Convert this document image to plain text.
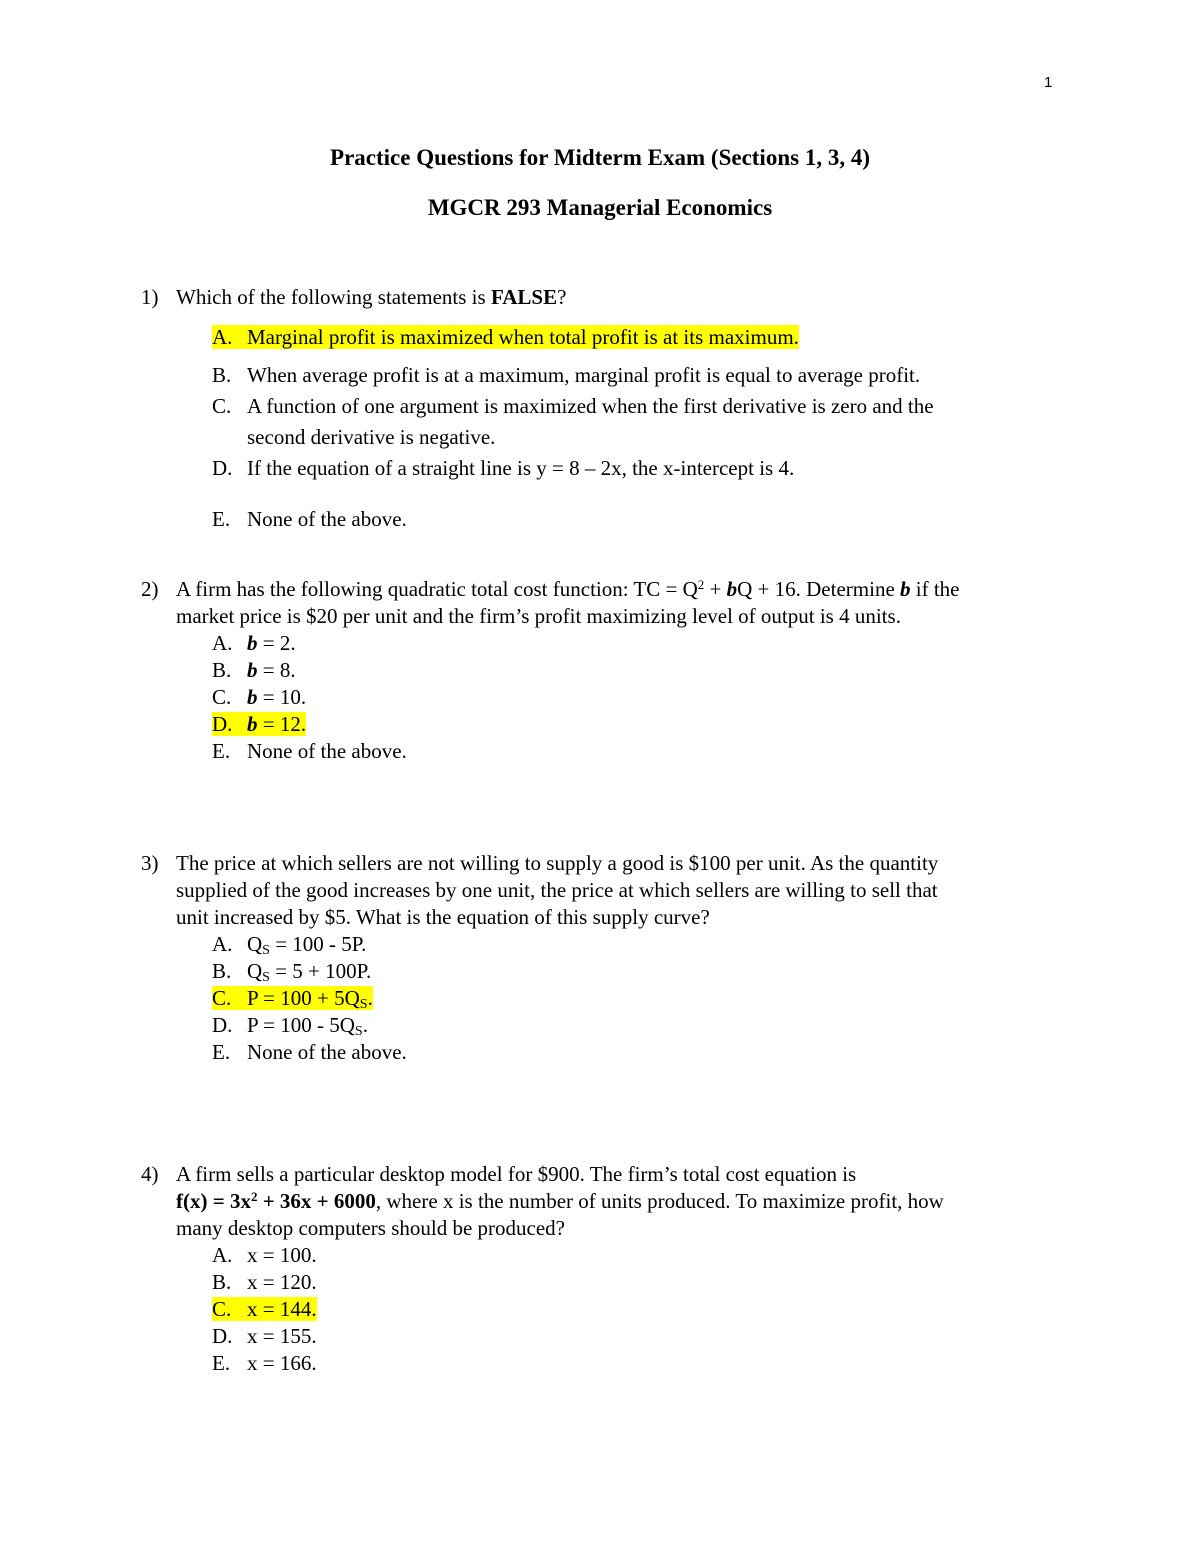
1
Practice Questions for Midterm Exam (Sections 1, 3, 4)
MGCR 293 Managerial Economics
1) Which of the following statements is FALSE?
A. Marginal profit is maximized when total profit is at its maximum.
B. When average profit is at a maximum, marginal profit is equal to average profit.
C. A function of one argument is maximized when the first derivative is zero and the
second derivative is negative.
D. If the equation of a straight line is y = 8 – 2x, the x-intercept is 4.
E. None of the above.
2) A firm has the following quadratic total cost function: TC = $Q^2$ + bQ + 16. Determine b if the
market price is $20 per unit and the firm’s profit maximizing level of output is 4 units.
A. b = 2.
B. b = 8.
C. b = 10.
D. b = 12.
E. None of the above.
3) The price at which sellers are not willing to supply a good is $100 per unit. As the quantity
supplied of the good increases by one unit, the price at which sellers are willing to sell that
unit increased by $5. What is the equation of this supply curve?
A. $Q_S = 100 - 5P$.
B. $Q_S = 5 + 100P$.
C. $P = 100 + 5Q_S$.
D. $P = 100 - 5Q_S$.
E. None of the above.
4) A firm sells a particular desktop model for $900. The firm’s total cost equation is
$f(x) = 3x^2 + 36x + 6000$, where x is the number of units produced. To maximize profit, how
many desktop computers should be produced?
A. x = 100.
B. x = 120.
C. x = 144.
D. x = 155.
E. x = 166.
